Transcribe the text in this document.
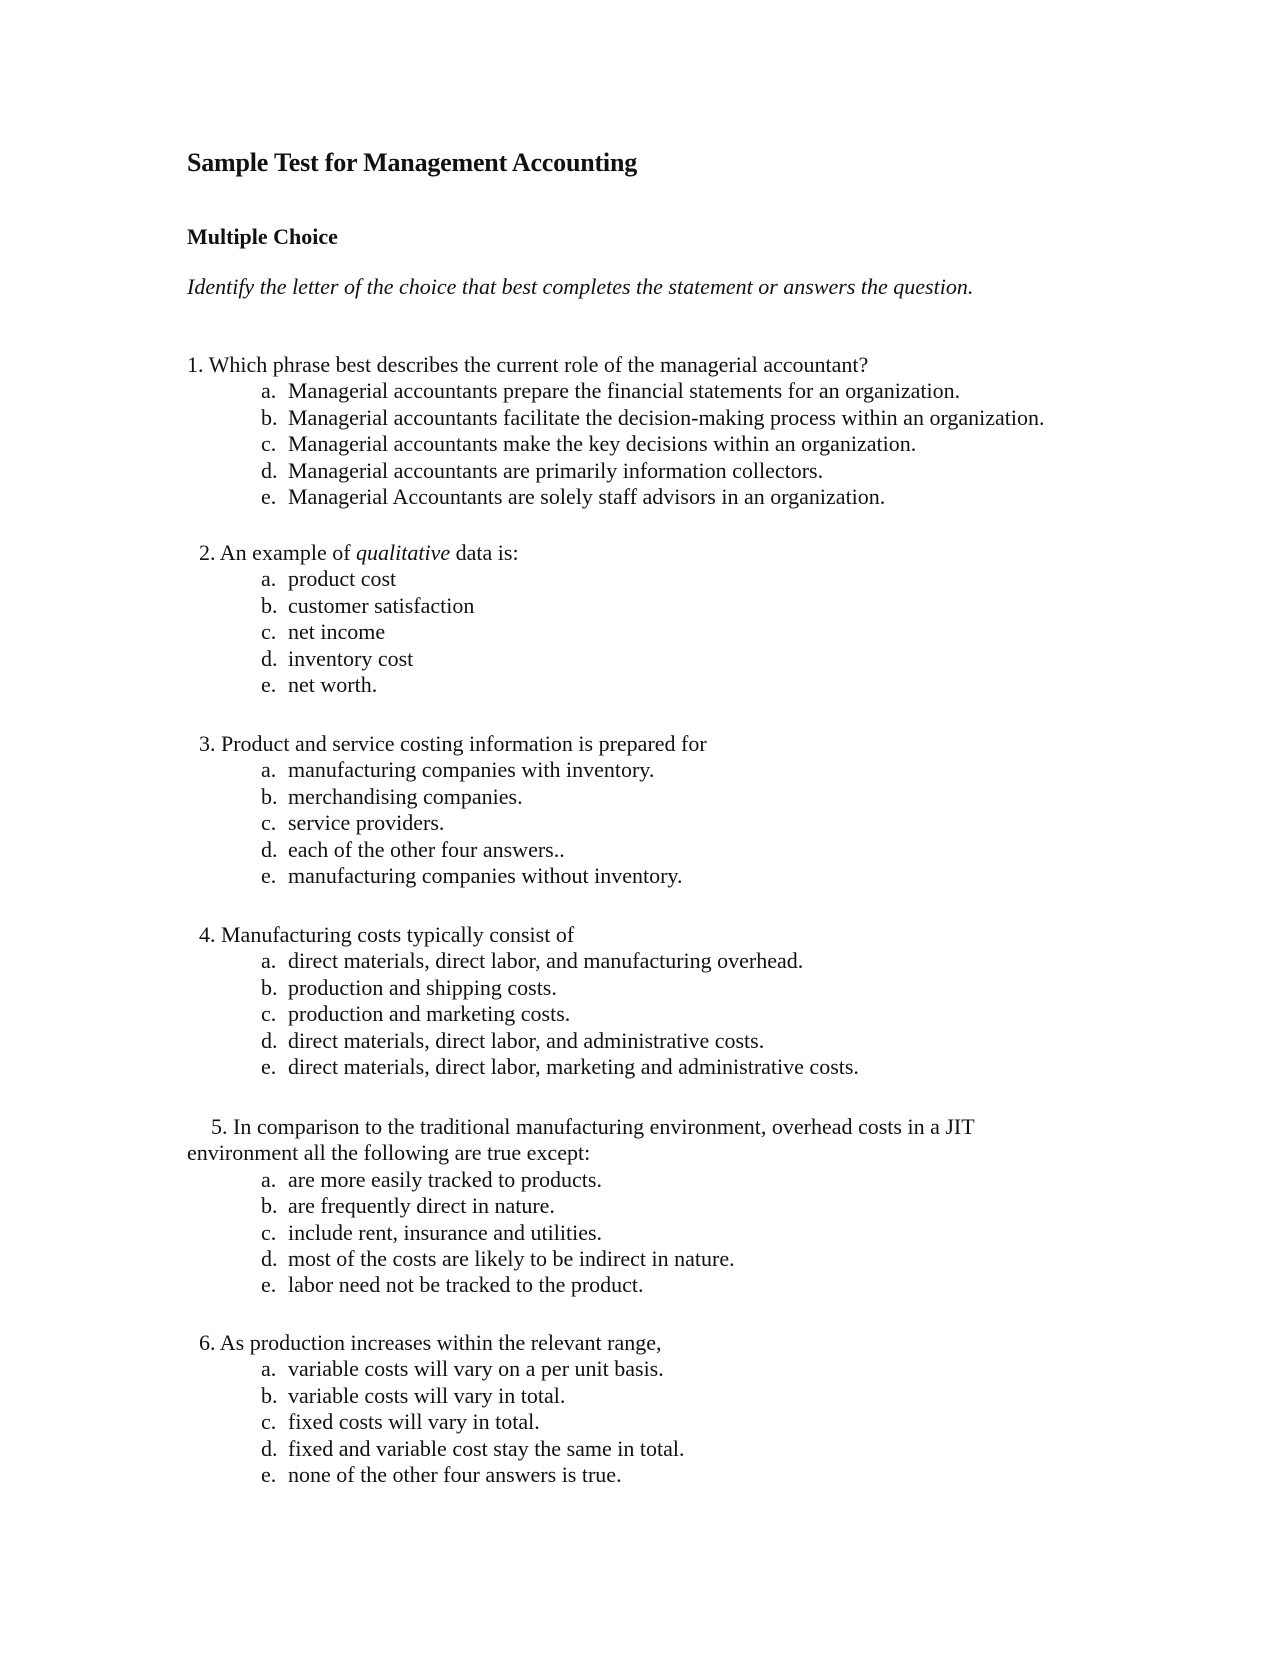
Sample Test for Management Accounting
Multiple Choice

Identify the letter of the choice that best completes the statement or answers the question.

1. Which phrase best describes the current role of the managerial accountant?

a. Managerial accountants prepare the financial statements for an organization.
b. Managerial accountants facilitate the decision-making process within an organization.
c. Managerial accountants make the key decisions within an organization.
d. Managerial accountants are primarily information collectors.
e. Managerial Accountants are solely staff advisors in an organization.

2. An example of qualitative data is:

a. product cost
b. customer satisfaction
c. net income
d. inventory cost
e. net worth.

3. Product and service costing information is prepared for

a. manufacturing companies with inventory.
b. merchandising companies.
c. service providers.
d. each of the other four answers..
e. manufacturing companies without inventory.

4. Manufacturing costs typically consist of

a. direct materials, direct labor, and manufacturing overhead.
b. production and shipping costs.
c. production and marketing costs.
d. direct materials, direct labor, and administrative costs.
e. direct materials, direct labor, marketing and administrative costs.

5. In comparison to the traditional manufacturing environment, overhead costs in a JIT environment all the following are true except:

a. are more easily tracked to products.
b. are frequently direct in nature.
c. include rent, insurance and utilities.
d. most of the costs are likely to be indirect in nature.
e. labor need not be tracked to the product.

6. As production increases within the relevant range,

a. variable costs will vary on a per unit basis.
b. variable costs will vary in total.
c. fixed costs will vary in total.
d. fixed and variable cost stay the same in total.
e. none of the other four answers is true.
